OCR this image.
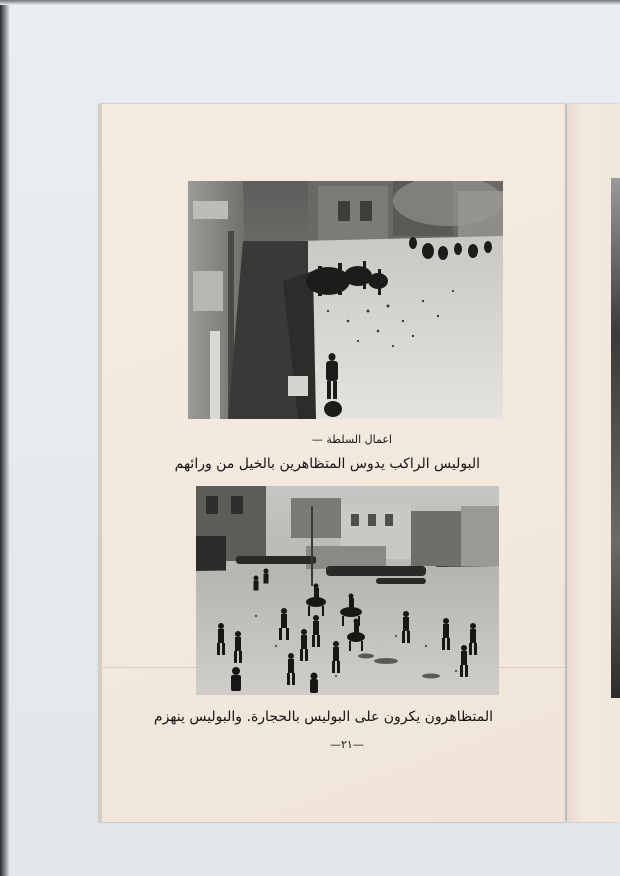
اعمال السلطة —
البوليس الراكب يدوس المتظاهرين بالخيل من ورائهم
المتظاهرون يكرون على البوليس بالحجارة. والبوليس ينهزم
—٢١—
